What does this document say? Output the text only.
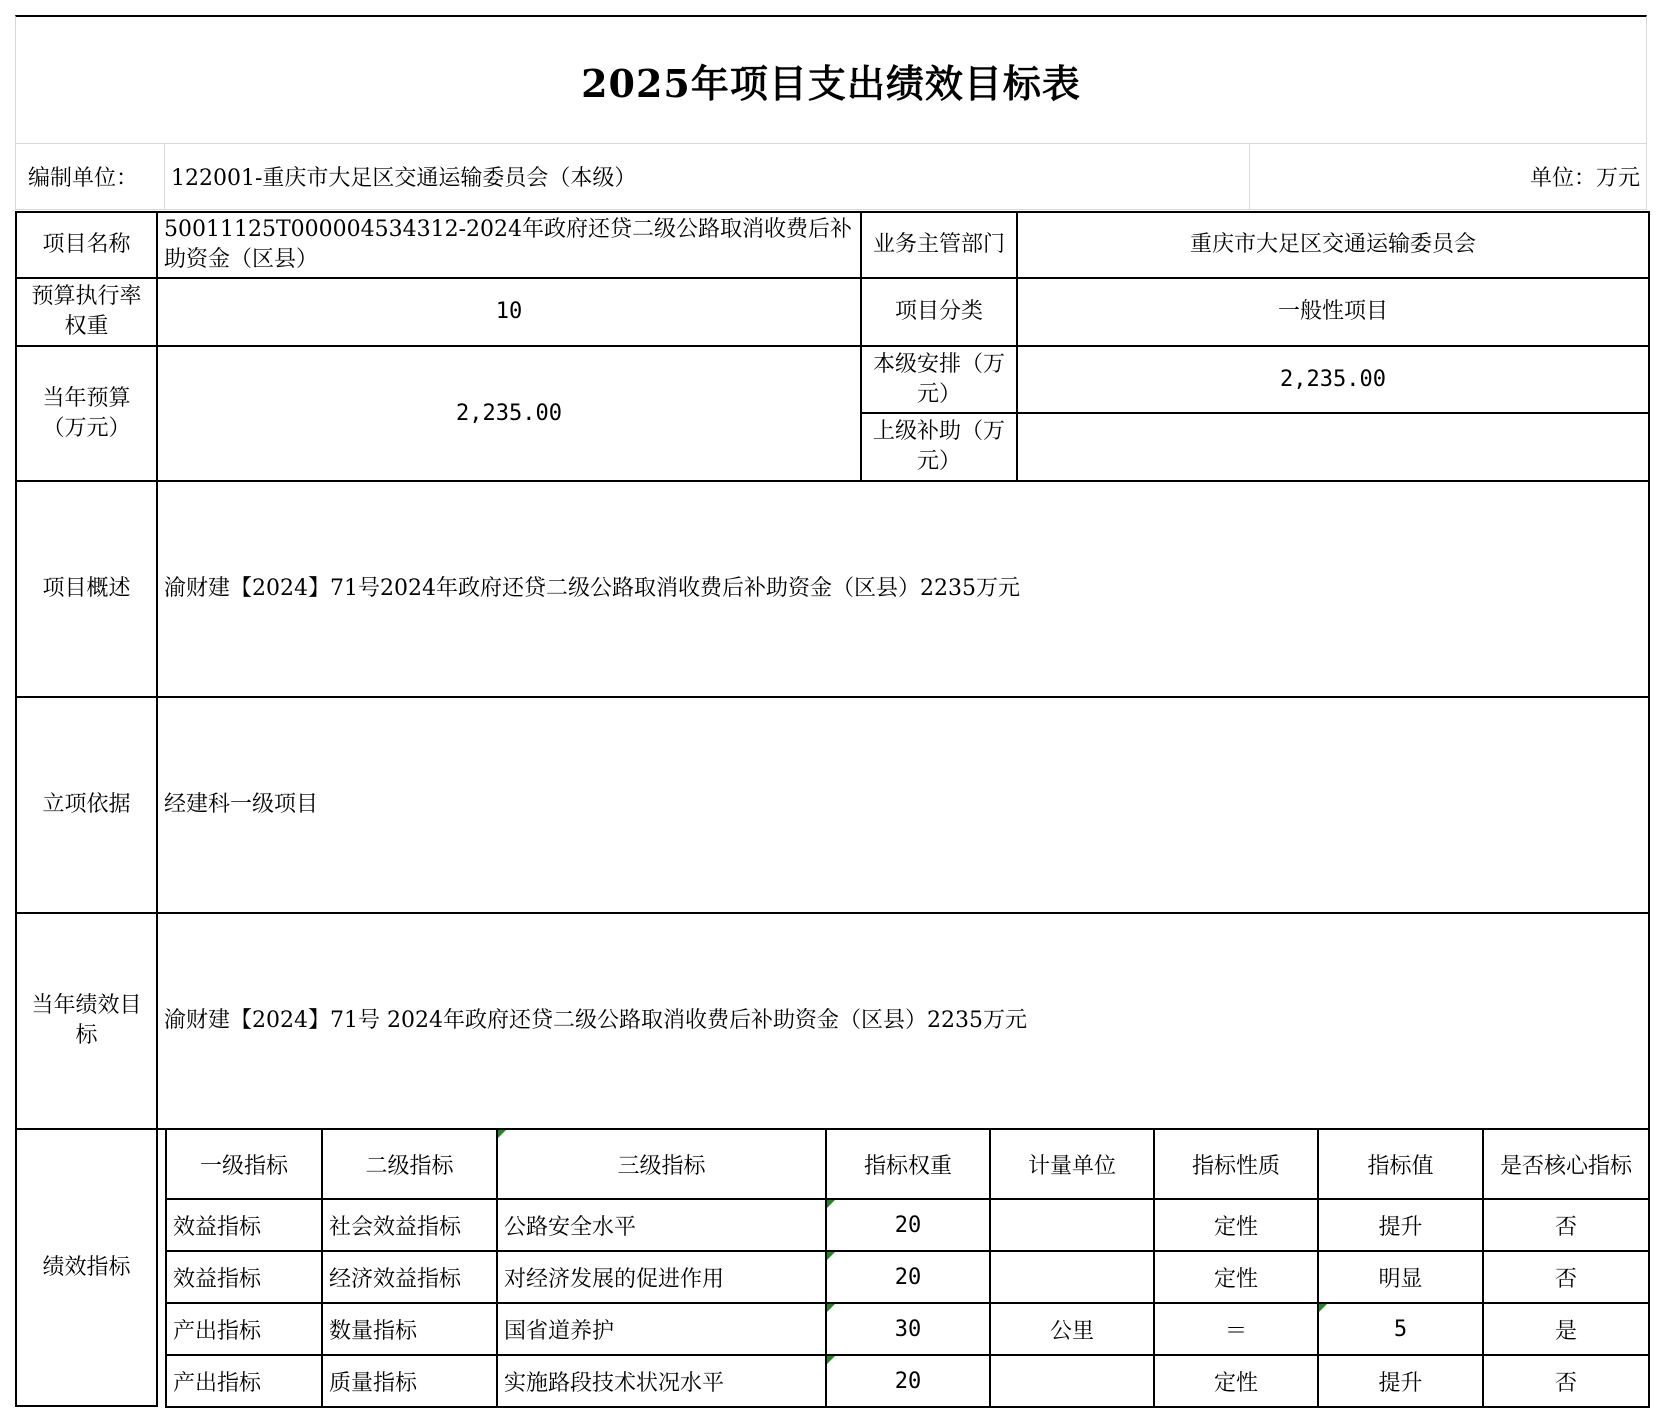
2025年项目支出绩效目标表
编制单位：	122001-重庆市大足区交通运输委员会（本级）	单位：万元
项目名称	50011125T000004534312-2024年政府还贷二级公路取消收费后补助资金（区县）	业务主管部门	重庆市大足区交通运输委员会
预算执行率权重	10	项目分类	一般性项目
当年预算（万元）	2,235.00	本级安排（万元）	2,235.00
		上级补助（万元）	
项目概述	渝财建【2024】71号2024年政府还贷二级公路取消收费后补助资金（区县）2235万元		
立项依据	经建科一级项目		
当年绩效目标	渝财建【2024】71号 2024年政府还贷二级公路取消收费后补助资金（区县）2235万元		
绩效指标			
一级指标	二级指标	三级指标	指标权重	计量单位	指标性质	指标值	是否核心指标
效益指标	社会效益指标	公路安全水平	20		定性	提升	否
效益指标	经济效益指标	对经济发展的促进作用	20		定性	明显	否
产出指标	数量指标	国省道养护	30	公里	＝	5	是
产出指标	质量指标	实施路段技术状况水平	20		定性	提升	否
